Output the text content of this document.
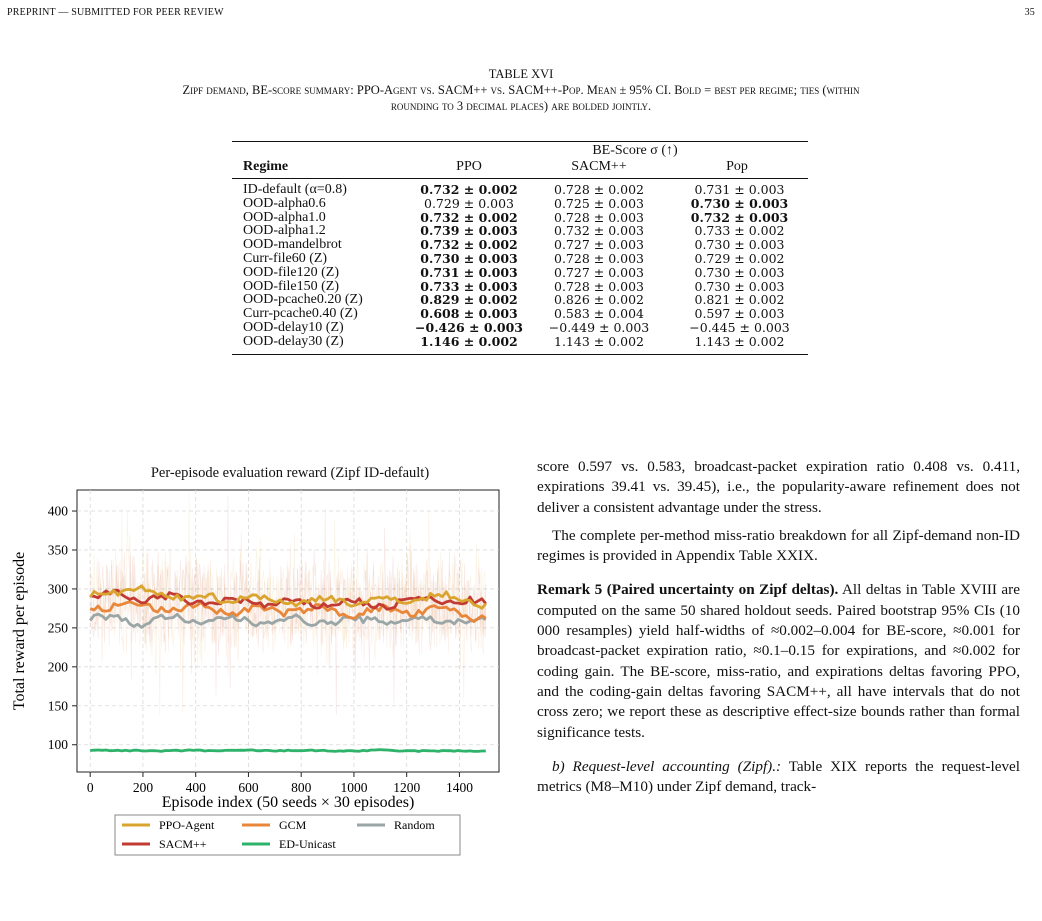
PREPRINT — SUBMITTED FOR PEER REVIEW	35
TABLE XVI
Zipf demand, BE-score summary: PPO-Agent vs. SACM++ vs. SACM++-Pop. Mean ± 95% CI. Bold = best per regime; ties (within
rounding to 3 decimal places) are bolded jointly.
BE-Score σ (↑)
Regime	PPO	SACM++	Pop
ID-default (α=0.8)	0.732 ± 0.002	0.728 ± 0.002	0.731 ± 0.003
OOD-alpha0.6	0.729 ± 0.003	0.725 ± 0.003	0.730 ± 0.003
OOD-alpha1.0	0.732 ± 0.002	0.728 ± 0.003	0.732 ± 0.003
OOD-alpha1.2	0.739 ± 0.003	0.732 ± 0.003	0.733 ± 0.002
OOD-mandelbrot	0.732 ± 0.002	0.727 ± 0.003	0.730 ± 0.003
Curr-file60 (Z)	0.730 ± 0.003	0.728 ± 0.003	0.729 ± 0.002
OOD-file120 (Z)	0.731 ± 0.003	0.727 ± 0.003	0.730 ± 0.003
OOD-file150 (Z)	0.733 ± 0.003	0.728 ± 0.003	0.730 ± 0.003
OOD-pcache0.20 (Z)	0.829 ± 0.002	0.826 ± 0.002	0.821 ± 0.002
Curr-pcache0.40 (Z)	0.608 ± 0.003	0.583 ± 0.004	0.597 ± 0.003
OOD-delay10 (Z)	−0.426 ± 0.003	−0.449 ± 0.003	−0.445 ± 0.003
OOD-delay30 (Z)	1.146 ± 0.002	1.143 ± 0.002	1.143 ± 0.002
Per-episode evaluation reward (Zipf ID-default)
0	200 400 600 800 1000 1200 1400
100
150
200
250
300
350
400
Episode index (50 seeds × 30 episodes)
Total reward per episode
PPO-Agent
SACM++
GCM
ED-Unicast
Random

score 0.597 vs. 0.583, broadcast-packet expiration ratio 0.408 vs. 0.411, expirations 39.41 vs. 39.45), i.e., the popularity-aware refinement does not deliver a consistent advantage under the stress.

The complete per-method miss-ratio breakdown for all Zipf-demand non-ID regimes is provided in Appendix Table XXIX.

Remark 5 (Paired uncertainty on Zipf deltas). All deltas in Table XVIII are computed on the same 50 shared holdout seeds. Paired bootstrap 95% CIs (10 000 resamples) yield half-widths of ≈0.002–0.004 for BE-score, ≈0.001 for broadcast-packet expiration ratio, ≈0.1–0.15 for expirations, and ≈0.002 for coding gain. The BE-score, miss-ratio, and expirations deltas favoring PPO, and the coding-gain deltas favoring SACM++, all have intervals that do not cross zero; we report these as descriptive effect-size bounds rather than formal significance tests.

b) Request-level accounting (Zipf).: Table XIX reports the request-level metrics (M8–M10) under Zipf demand, track-
